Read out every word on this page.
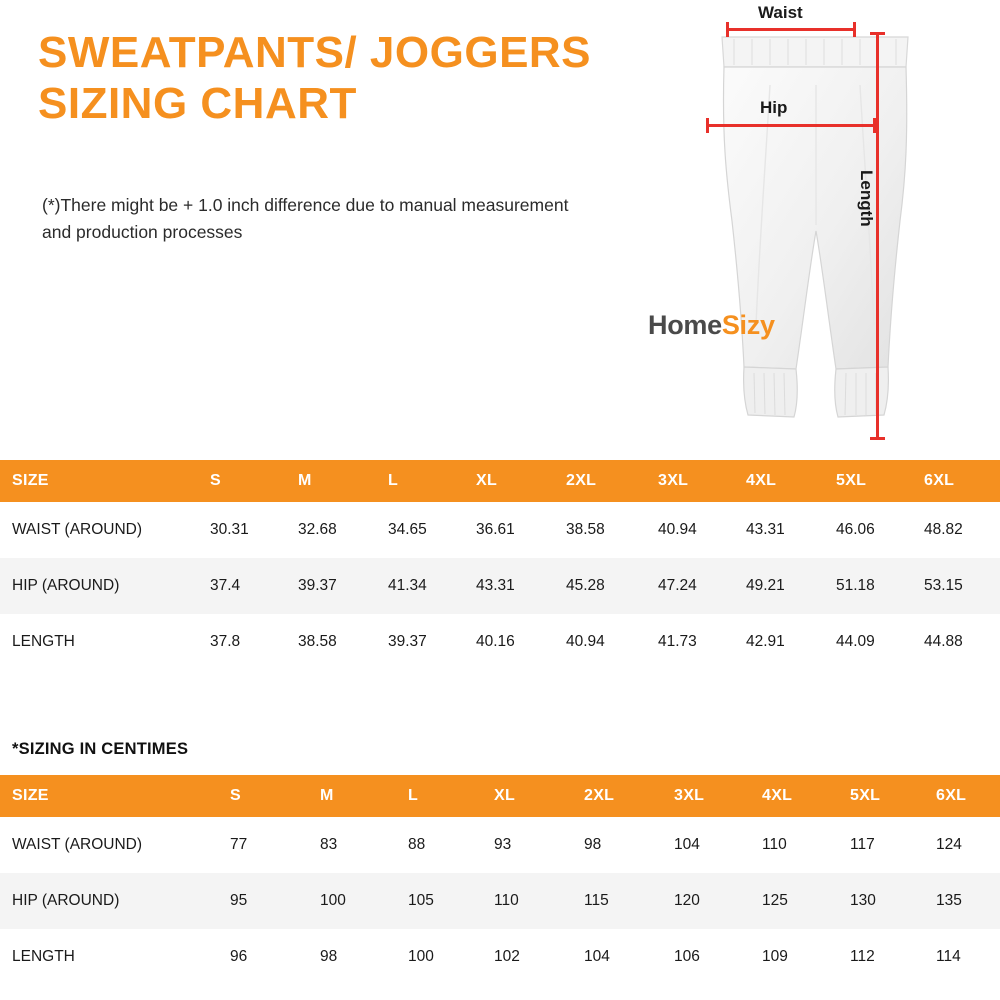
SWEATPANTS/ JOGGERS SIZING CHART
(*)There might be + 1.0 inch difference due to manual measurement and production processes
Waist
Hip
Length
HomeSizy
SIZE	S	M	L	XL	2XL	3XL	4XL	5XL	6XL
WAIST (AROUND)	30.31	32.68	34.65	36.61	38.58	40.94	43.31	46.06	48.82
HIP (AROUND)	37.4	39.37	41.34	43.31	45.28	47.24	49.21	51.18	53.15
LENGTH	37.8	38.58	39.37	40.16	40.94	41.73	42.91	44.09	44.88
*SIZING IN CENTIMES
SIZE	S	M	L	XL	2XL	3XL	4XL	5XL	6XL
WAIST (AROUND)	77	83	88	93	98	104	110	117	124
HIP (AROUND)	95	100	105	110	115	120	125	130	135
LENGTH	96	98	100	102	104	106	109	112	114
